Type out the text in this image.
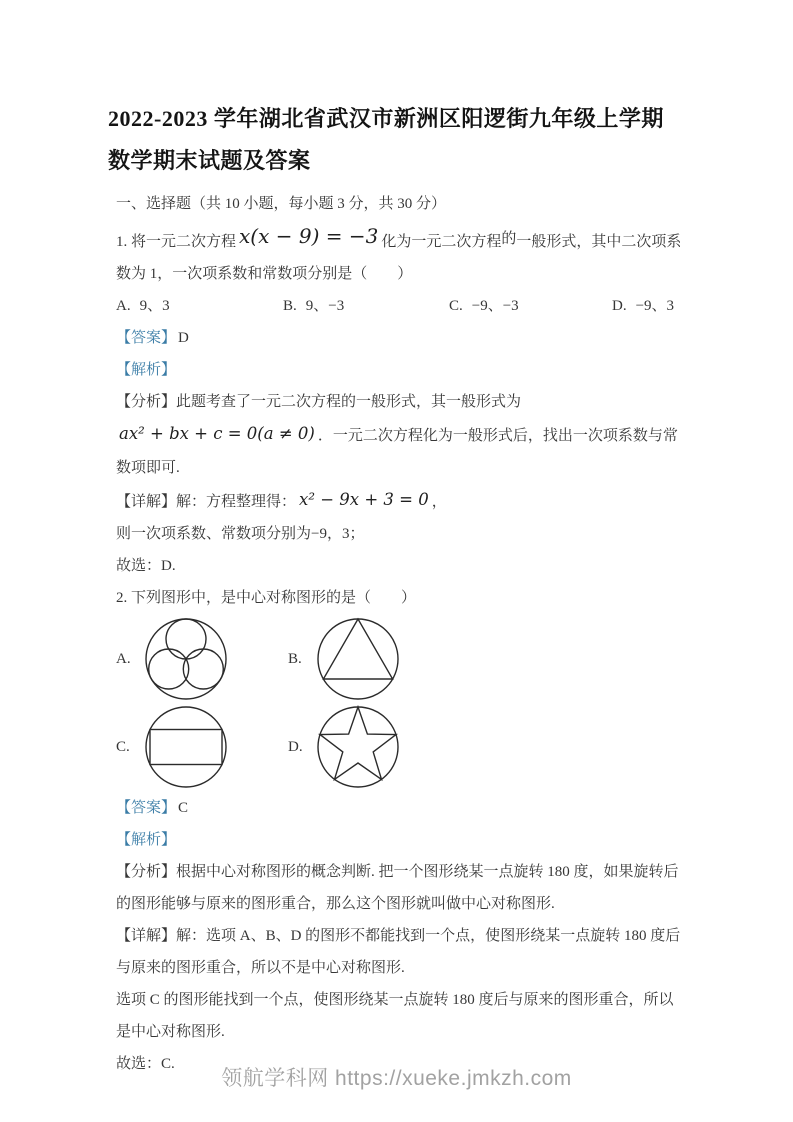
2022-2023 学年湖北省武汉市新洲区阳逻街九年级上学期数学期末试题及答案

一、选择题（共 10 小题，每小题 3 分，共 30 分）

1. 将一元二次方程 x(x − 9) = −3 化为一元二次方程的一般形式，其中二次项系数为 1，一次项系数和常数项分别是（　　）

A. 9、3	B. 9、−3	C. −9、−3	D. −9、3

【答案】 D

【解析】

【分析】此题考查了一元二次方程的一般形式，其一般形式为ax² + bx + c = 0(a ≠ 0) ．一元二次方程化为一般形式后，找出一次项系数与常数项即可.

【详解】解：方程整理得： x² − 9x + 3 = 0 ，

则一次项系数、常数项分别为−9，3；

故选：D.

2. 下列图形中，是中心对称图形的是（　　）

A.	B.
C.	D.

【答案】 C

【解析】

【分析】根据中心对称图形的概念判断. 把一个图形绕某一点旋转 180 度，如果旋转后的图形能够与原来的图形重合，那么这个图形就叫做中心对称图形.

【详解】解：选项 A、B、D 的图形不都能找到一个点，使图形绕某一点旋转 180 度后与原来的图形重合，所以不是中心对称图形.

选项 C 的图形能找到一个点，使图形绕某一点旋转 180 度后与原来的图形重合，所以是中心对称图形.

故选：C.

领航学科网 https://xueke.jmkzh.com
